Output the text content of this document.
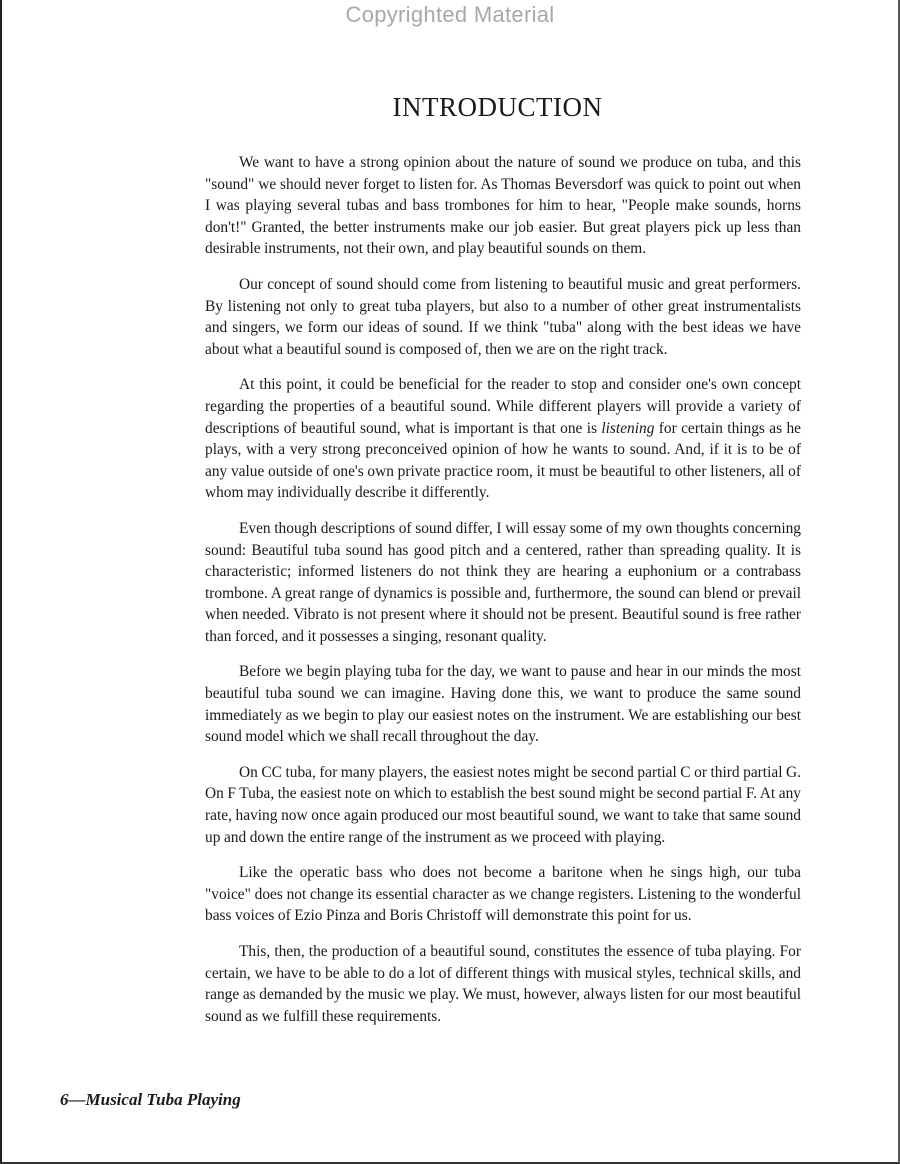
Copyrighted Material
INTRODUCTION

We want to have a strong opinion about the nature of sound we produce on tuba, and this "sound" we should never forget to listen for. As Thomas Beversdorf was quick to point out when I was playing several tubas and bass trombones for him to hear, "People make sounds, horns don't!" Granted, the better instruments make our job easier. But great players pick up less than desirable instruments, not their own, and play beautiful sounds on them.

Our concept of sound should come from listening to beautiful music and great performers. By listening not only to great tuba players, but also to a number of other great instrumentalists and singers, we form our ideas of sound. If we think "tuba" along with the best ideas we have about what a beautiful sound is composed of, then we are on the right track.

At this point, it could be beneficial for the reader to stop and consider one's own concept regarding the properties of a beautiful sound. While different players will provide a variety of descriptions of beautiful sound, what is important is that one is listening for certain things as he plays, with a very strong preconceived opinion of how he wants to sound. And, if it is to be of any value outside of one's own private practice room, it must be beautiful to other listeners, all of whom may individually describe it differently.

Even though descriptions of sound differ, I will essay some of my own thoughts concerning sound: Beautiful tuba sound has good pitch and a centered, rather than spreading quality. It is characteristic; informed listeners do not think they are hearing a euphonium or a contrabass trombone. A great range of dynamics is possible and, furthermore, the sound can blend or prevail when needed. Vibrato is not present where it should not be present. Beautiful sound is free rather than forced, and it possesses a singing, resonant quality.

Before we begin playing tuba for the day, we want to pause and hear in our minds the most beautiful tuba sound we can imagine. Having done this, we want to produce the same sound immediately as we begin to play our easiest notes on the instrument. We are establishing our best sound model which we shall recall throughout the day.

On CC tuba, for many players, the easiest notes might be second partial C or third partial G. On F Tuba, the easiest note on which to establish the best sound might be second partial F. At any rate, having now once again produced our most beautiful sound, we want to take that same sound up and down the entire range of the instrument as we proceed with playing.

Like the operatic bass who does not become a baritone when he sings high, our tuba "voice" does not change its essential character as we change registers. Listening to the wonderful bass voices of Ezio Pinza and Boris Christoff will demonstrate this point for us.

This, then, the production of a beautiful sound, constitutes the essence of tuba playing. For certain, we have to be able to do a lot of different things with musical styles, technical skills, and range as demanded by the music we play. We must, however, always listen for our most beautiful sound as we fulfill these requirements.

6—Musical Tuba Playing
